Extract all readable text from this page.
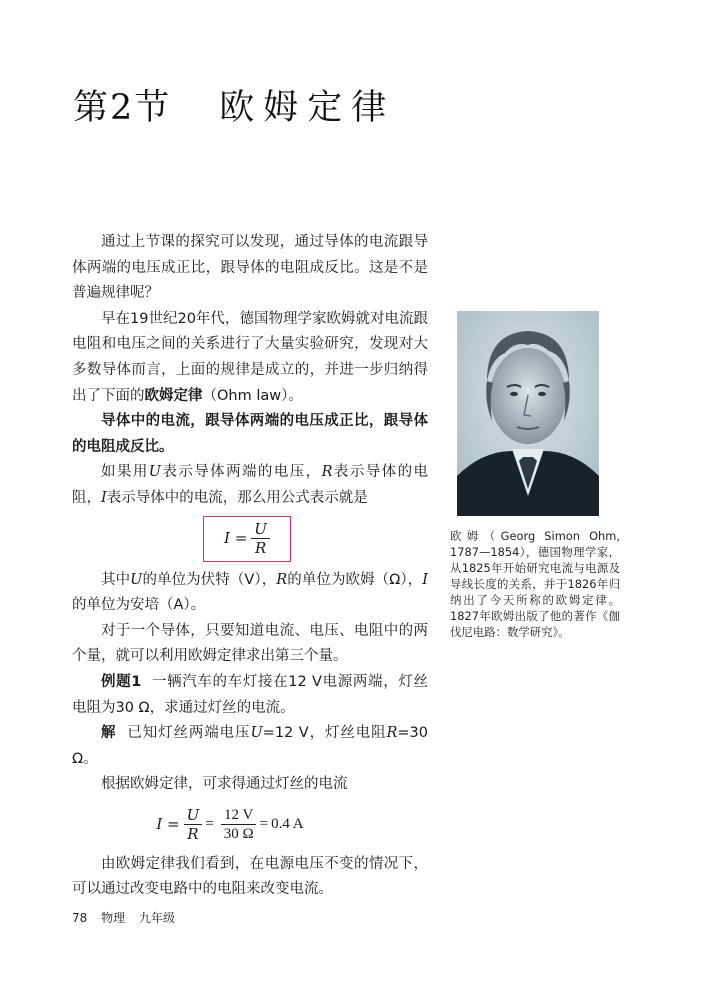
第2节 欧姆定律

通过上节课的探究可以发现，通过导体的电流跟导体两端的电压成正比，跟导体的电阻成反比。这是不是普遍规律呢？

早在19世纪20年代，德国物理学家欧姆就对电流跟电阻和电压之间的关系进行了大量实验研究，发现对大多数导体而言，上面的规律是成立的，并进一步归纳得出了下面的欧姆定律（Ohm law）。

导体中的电流，跟导体两端的电压成正比，跟导体的电阻成反比。

如果用U表示导体两端的电压，R表示导体的电阻，I表示导体中的电流，那么用公式表示就是

$I = \frac{U}{R}$

其中U的单位为伏特（V），R的单位为欧姆（Ω），I的单位为安培（A）。

对于一个导体，只要知道电流、电压、电阻中的两个量，就可以利用欧姆定律求出第三个量。

例题1 一辆汽车的车灯接在12 V电源两端，灯丝电阻为30 Ω，求通过灯丝的电流。

解 已知灯丝两端电压U=12 V，灯丝电阻R=30 Ω。

根据欧姆定律，可求得通过灯丝的电流

$I = \frac{U}{R} = \frac{12 V}{30 \Omega} = 0.4$ A

由欧姆定律我们看到，在电源电压不变的情况下，可以通过改变电路中的电阻来改变电流。

欧姆（Georg Simon Ohm, 1787—1854），德国物理学家，从1825年开始研究电流与电源及导线长度的关系，并于1826年归纳出了今天所称的欧姆定律。1827年欧姆出版了他的著作《伽伐尼电路：数学研究》。
78 物理 九年级
